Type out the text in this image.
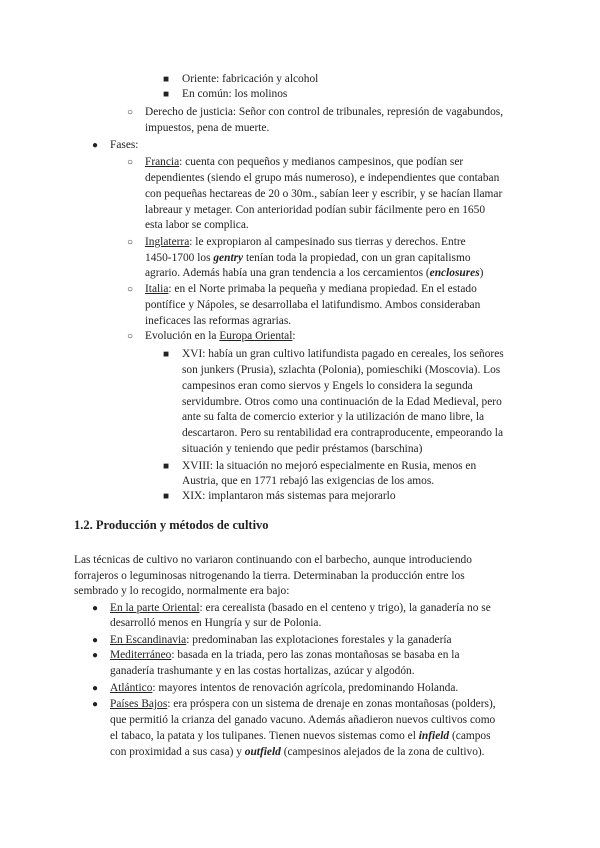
■ Oriente: fabricación y alcohol
■ En común: los molinos
○ Derecho de justicia: Señor con control de tribunales, represión de vagabundos,
impuestos, pena de muerte.
● Fases:
○ Francia: cuenta con pequeños y medianos campesinos, que podían ser
dependientes (siendo el grupo más numeroso), e independientes que contaban
con pequeñas hectareas de 20 o 30m., sabían leer y escribir, y se hacían llamar
labreaur y metager. Con anterioridad podían subir fácilmente pero en 1650
esta labor se complica.
○ Inglaterra: le expropiaron al campesinado sus tierras y derechos. Entre
1450-1700 los gentry tenían toda la propiedad, con un gran capitalismo
agrario. Además había una gran tendencia a los cercamientos (enclosures)
○ Italia: en el Norte primaba la pequeña y mediana propiedad. En el estado
pontífice y Nápoles, se desarrollaba el latifundismo. Ambos consideraban
ineficaces las reformas agrarias.
○ Evolución en la Europa Oriental:
■ XVI: había un gran cultivo latifundista pagado en cereales, los señores
son junkers (Prusia), szlachta (Polonia), pomieschiki (Moscovia). Los
campesinos eran como siervos y Engels lo considera la segunda
servidumbre. Otros como una continuación de la Edad Medieval, pero
ante su falta de comercio exterior y la utilización de mano libre, la
descartaron. Pero su rentabilidad era contraproducente, empeorando la
situación y teniendo que pedir préstamos (barschina)
■ XVIII: la situación no mejoró especialmente en Rusia, menos en
Austria, que en 1771 rebajó las exigencias de los amos.
■ XIX: implantaron más sistemas para mejorarlo
1.2. Producción y métodos de cultivo
Las técnicas de cultivo no variaron continuando con el barbecho, aunque introduciendo
forrajeros o leguminosas nitrogenando la tierra. Determinaban la producción entre los
sembrado y lo recogido, normalmente era bajo:
● En la parte Oriental: era cerealista (basado en el centeno y trigo), la ganadería no se
desarrolló menos en Hungría y sur de Polonia.
● En Escandinavia: predominaban las explotaciones forestales y la ganadería
● Mediterráneo: basada en la triada, pero las zonas montañosas se basaba en la
ganadería trashumante y en las costas hortalizas, azúcar y algodón.
● Atlántico: mayores intentos de renovación agrícola, predominando Holanda.
● Países Bajos: era próspera con un sistema de drenaje en zonas montañosas (polders),
que permitió la crianza del ganado vacuno. Además añadieron nuevos cultivos como
el tabaco, la patata y los tulipanes. Tienen nuevos sistemas como el infield (campos
con proximidad a sus casa) y outfield (campesinos alejados de la zona de cultivo).
